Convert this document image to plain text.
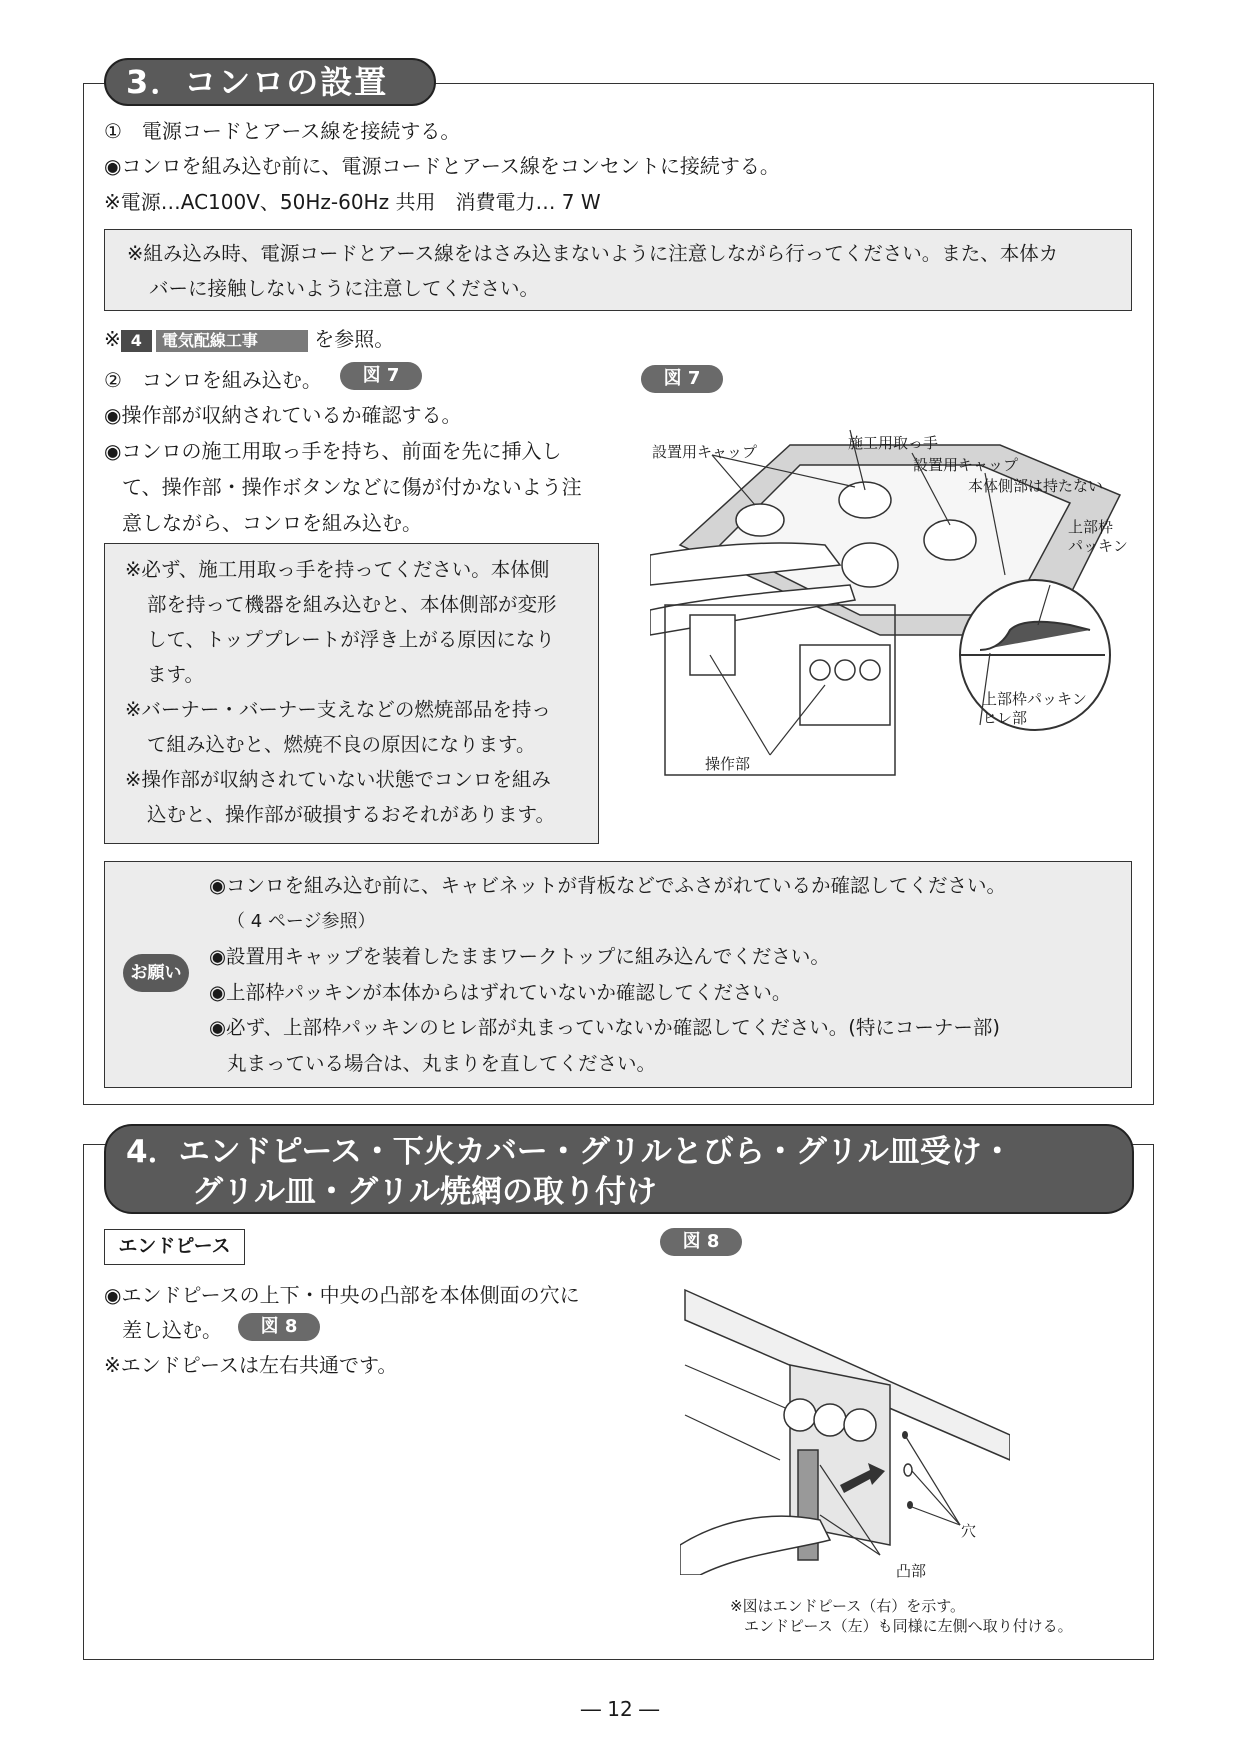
3．コンロの設置
①　電源コードとアース線を接続する。
◉コンロを組み込む前に、電源コードとアース線をコンセントに接続する。
※電源…AC100V、50Hz-60Hz 共用　消費電力… 7 W

※組み込み時、電源コードとアース線をはさみ込まないように注意しながら行ってください。また、本体カ

バーに接触しないように注意してください。

※ 4 電気配線工事	を参照。
②　コンロを組み込む。	図 7
◉操作部が収納されているか確認する。
◉コンロの施工用取っ手を持ち、前面を先に挿入し
て、操作部・操作ボタンなどに傷が付かないよう注
意しながら、コンロを組み込む。

※必ず、施工用取っ手を持ってください。本体側

部を持って機器を組み込むと、本体側部が変形

して、トッププレートが浮き上がる原因になり

ます。

※バーナー・バーナー支えなどの燃焼部品を持っ

て組み込むと、燃焼不良の原因になります。

※操作部が収納されていない状態でコンロを組み

込むと、操作部が破損するおそれがあります。

図 7
設置用キャップ	施工用取っ手
設置用キャップ
本体側部は持たない
上部枠
パッキン
上部枠パッキン
ヒレ部
操作部
お願い
◉コンロを組み込む前に、キャビネットが背板などでふさがれているか確認してください。
（ 4 ページ参照）
◉設置用キャップを装着したままワークトップに組み込んでください。
◉上部枠パッキンが本体からはずれていないか確認してください。
◉必ず、上部枠パッキンのヒレ部が丸まっていないか確認してください。(特にコーナー部)
丸まっている場合は、丸まりを直してください。
4．エンドピース・下火カバー・グリルとびら・グリル皿受け・
グリル皿・グリル焼網の取り付け
エンドピース
◉エンドピースの上下・中央の凸部を本体側面の穴に
差し込む。	図 8
※エンドピースは左右共通です。
図 8
穴
凸部
※図はエンドピース（右）を示す。
エンドピース（左）も同様に左側へ取り付ける。
― 12 ―
